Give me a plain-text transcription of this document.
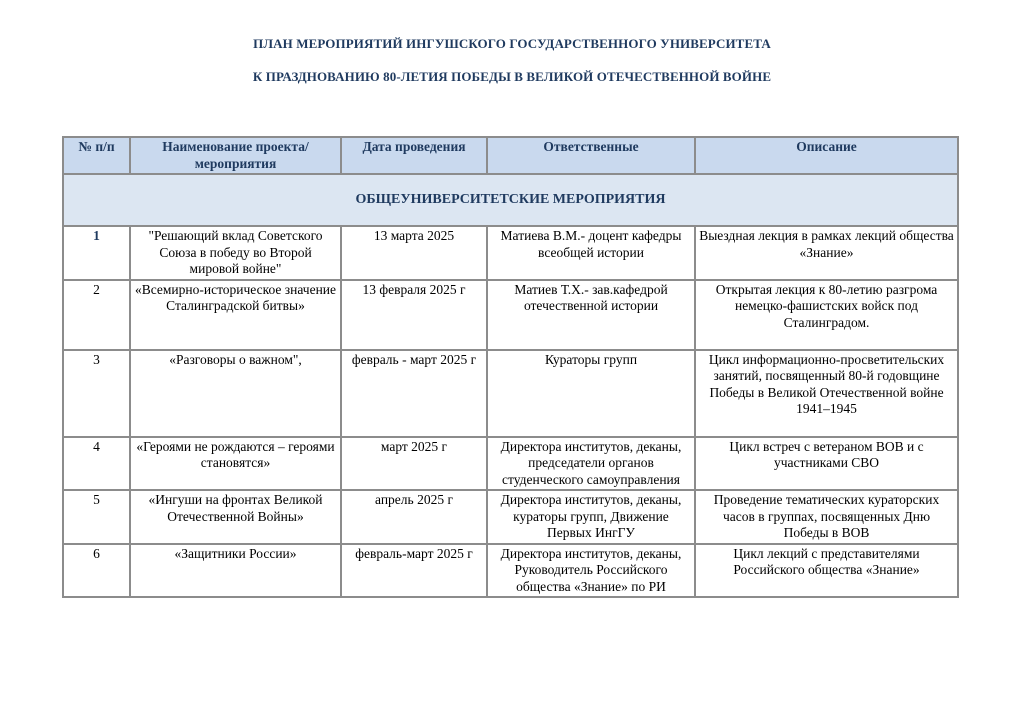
ПЛАН МЕРОПРИЯТИЙ ИНГУШСКОГО ГОСУДАРСТВЕННОГО УНИВЕРСИТЕТА
К ПРАЗДНОВАНИЮ 80-ЛЕТИЯ ПОБЕДЫ В ВЕЛИКОЙ ОТЕЧЕСТВЕННОЙ ВОЙНЕ
№ п/п	Наименование проекта/мероприятия	Дата проведения	Ответственные	Описание
ОБЩЕУНИВЕРСИТЕТСКИЕ МЕРОПРИЯТИЯ				
1	"Решающий вклад Советского Союза в победу во Второй мировой войне"	13 марта 2025	Матиева В.М.- доцент кафедры всеобщей истории	Выездная лекция в рамках лекций общества «Знание»
2	«Всемирно-историческое значение Сталинградской битвы»	13 февраля 2025 г	Матиев Т.Х.- зав.кафедрой отечественной истории	Открытая лекция к 80-летию разгрома немецко-фашистских войск под Сталинградом.
3	«Разговоры о важном",	февраль - март 2025 г	Кураторы групп	Цикл информационно-просветительских занятий, посвященный 80-й годовщине Победы в Великой Отечественной войне 1941–1945
4	«Героями не рождаются – героями становятся»	март 2025 г	Директора институтов, деканы, председатели органов студенческого самоуправления	Цикл встреч с ветераном ВОВ и с участниками СВО
5	«Ингуши на фронтах Великой Отечественной Войны»	апрель 2025 г	Директора институтов, деканы, кураторы групп, Движение Первых ИнгГУ	Проведение тематических кураторских часов в группах, посвященных Дню Победы в ВОВ
6	«Защитники России»	февраль-март 2025 г	Директора институтов, деканы, Руководитель Российского общества «Знание» по РИ	Цикл лекций с представителями Российского общества «Знание»
